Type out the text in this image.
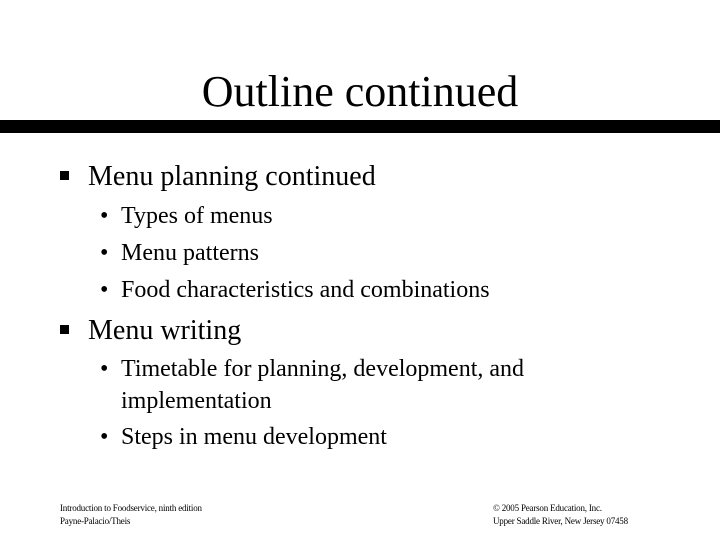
Outline continued
Menu planning continued
• Types of menus
• Menu patterns
• Food characteristics and combinations
Menu writing
• Timetable for planning, development, and
implementation
• Steps in menu development
Introduction to Foodservice, ninth edition
Payne-Palacio/Theis
© 2005 Pearson Education, Inc.
Upper Saddle River, New Jersey 07458
